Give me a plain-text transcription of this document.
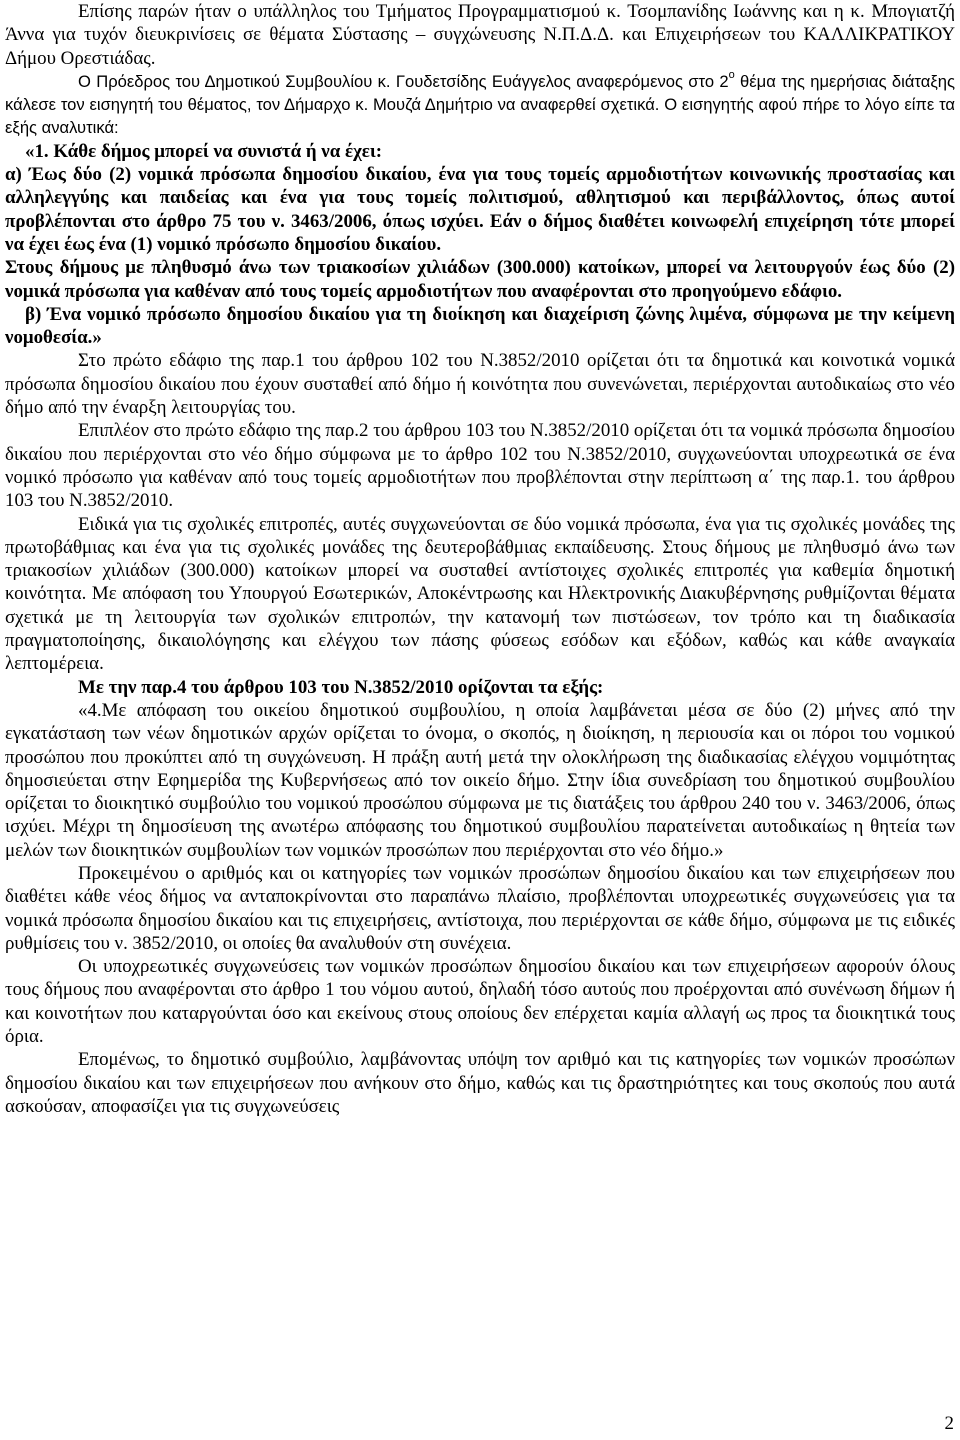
Επίσης παρών ήταν ο υπάλληλος του Τμήματος Προγραμματισμού κ. Τσομπανίδης Ιωάννης και η κ. Μπογιατζή Άννα για τυχόν διευκρινίσεις σε θέματα Σύστασης – συγχώνευσης Ν.Π.Δ.Δ. και Επιχειρήσεων του ΚΑΛΛΙΚΡΑΤΙΚΟΥ Δήμου Ορεστιάδας.

Ο Πρόεδρος του Δημοτικού Συμβουλίου κ. Γουδετσίδης Ευάγγελος αναφερόμενος στο $2^o$ θέμα της ημερήσιας διάταξης κάλεσε τον εισηγητή του θέματος, τον Δήμαρχο κ. Μουζά Δημήτριο να αναφερθεί σχετικά. Ο εισηγητής αφού πήρε το λόγο είπε τα εξής αναλυτικά:

«1. Κάθε δήμος μπορεί να συνιστά ή να έχει:

α) Έως δύο (2) νομικά πρόσωπα δημοσίου δικαίου, ένα για τους τομείς αρμοδιοτήτων κοινωνικής προστασίας και αλληλεγγύης και παιδείας και ένα για τους τομείς πολιτισμού, αθλητισμού και περιβάλλοντος, όπως αυτοί προβλέπονται στο άρθρο 75 του ν. 3463/2006, όπως ισχύει. Εάν ο δήμος διαθέτει κοινωφελή επιχείρηση τότε μπορεί να έχει έως ένα (1) νομικό πρόσωπο δημοσίου δικαίου.

Στους δήμους με πληθυσμό άνω των τριακοσίων χιλιάδων (300.000) κατοίκων, μπορεί να λειτουργούν έως δύο (2) νομικά πρόσωπα για καθέναν από τους τομείς αρμοδιοτήτων που αναφέρονται στο προηγούμενο εδάφιο.

β) Ένα νομικό πρόσωπο δημοσίου δικαίου για τη διοίκηση και διαχείριση ζώνης λιμένα, σύμφωνα με την κείμενη νομοθεσία.»

Στο πρώτο εδάφιο της παρ.1 του άρθρου 102 του Ν.3852/2010 ορίζεται ότι τα δημοτικά και κοινοτικά νομικά πρόσωπα δημοσίου δικαίου που έχουν συσταθεί από δήμο ή κοινότητα που συνενώνεται, περιέρχονται αυτοδικαίως στο νέο δήμο από την έναρξη λειτουργίας του.

Επιπλέον στο πρώτο εδάφιο της παρ.2 του άρθρου 103 του Ν.3852/2010 ορίζεται ότι τα νομικά πρόσωπα δημοσίου δικαίου που περιέρχονται στο νέο δήμο σύμφωνα με το άρθρο 102 του Ν.3852/2010, συγχωνεύονται υποχρεωτικά σε ένα νομικό πρόσωπο για καθέναν από τους τομείς αρμοδιοτήτων που προβλέπονται στην περίπτωση α΄ της παρ.1. του άρθρου 103 του Ν.3852/2010.

Ειδικά για τις σχολικές επιτροπές, αυτές συγχωνεύονται σε δύο νομικά πρόσωπα, ένα για τις σχολικές μονάδες της πρωτοβάθμιας και ένα για τις σχολικές μονάδες της δευτεροβάθμιας εκπαίδευσης. Στους δήμους με πληθυσμό άνω των τριακοσίων χιλιάδων (300.000) κατοίκων μπορεί να συσταθεί αντίστοιχες σχολικές επιτροπές για καθεμία δημοτική κοινότητα. Με απόφαση του Υπουργού Εσωτερικών, Αποκέντρωσης και Ηλεκτρονικής Διακυβέρνησης ρυθμίζονται θέματα σχετικά με τη λειτουργία των σχολικών επιτροπών, την κατανομή των πιστώσεων, τον τρόπο και τη διαδικασία πραγματοποίησης, δικαιολόγησης και ελέγχου των πάσης φύσεως εσόδων και εξόδων, καθώς και κάθε αναγκαία λεπτομέρεια.

Με την παρ.4 του άρθρου 103 του Ν.3852/2010 ορίζονται τα εξής:

«4.Με απόφαση του οικείου δημοτικού συμβουλίου, η οποία λαμβάνεται μέσα σε δύο (2) μήνες από την εγκατάσταση των νέων δημοτικών αρχών ορίζεται το όνομα, ο σκοπός, η διοίκηση, η περιουσία και οι πόροι του νομικού προσώπου που προκύπτει από τη συγχώνευση. Η πράξη αυτή μετά την ολοκλήρωση της διαδικασίας ελέγχου νομιμότητας δημοσιεύεται στην Εφημερίδα της Κυβερνήσεως από τον οικείο δήμο. Στην ίδια συνεδρίαση του δημοτικού συμβουλίου ορίζεται το διοικητικό συμβούλιο του νομικού προσώπου σύμφωνα με τις διατάξεις του άρθρου 240 του ν. 3463/2006, όπως ισχύει. Μέχρι τη δημοσίευση της ανωτέρω απόφασης του δημοτικού συμβουλίου παρατείνεται αυτοδικαίως η θητεία των μελών των διοικητικών συμβουλίων των νομικών προσώπων που περιέρχονται στο νέο δήμο.»

Προκειμένου ο αριθμός και οι κατηγορίες των νομικών προσώπων δημοσίου δικαίου και των επιχειρήσεων που διαθέτει κάθε νέος δήμος να ανταποκρίνονται στο παραπάνω πλαίσιο, προβλέπονται υποχρεωτικές συγχωνεύσεις για τα νομικά πρόσωπα δημοσίου δικαίου και τις επιχειρήσεις, αντίστοιχα, που περιέρχονται σε κάθε δήμο, σύμφωνα με τις ειδικές ρυθμίσεις του ν. 3852/2010, οι οποίες θα αναλυθούν στη συνέχεια.

Οι υποχρεωτικές συγχωνεύσεις των νομικών προσώπων δημοσίου δικαίου και των επιχειρήσεων αφορούν όλους τους δήμους που αναφέρονται στο άρθρο 1 του νόμου αυτού, δηλαδή τόσο αυτούς που προέρχονται από συνένωση δήμων ή και κοινοτήτων που καταργούνται όσο και εκείνους στους οποίους δεν επέρχεται καμία αλλαγή ως προς τα διοικητικά τους όρια.

Επομένως, το δημοτικό συμβούλιο, λαμβάνοντας υπόψη τον αριθμό και τις κατηγορίες των νομικών προσώπων δημοσίου δικαίου και των επιχειρήσεων που ανήκουν στο δήμο, καθώς και τις δραστηριότητες και τους σκοπούς που αυτά ασκούσαν, αποφασίζει για τις συγχωνεύσεις

2
